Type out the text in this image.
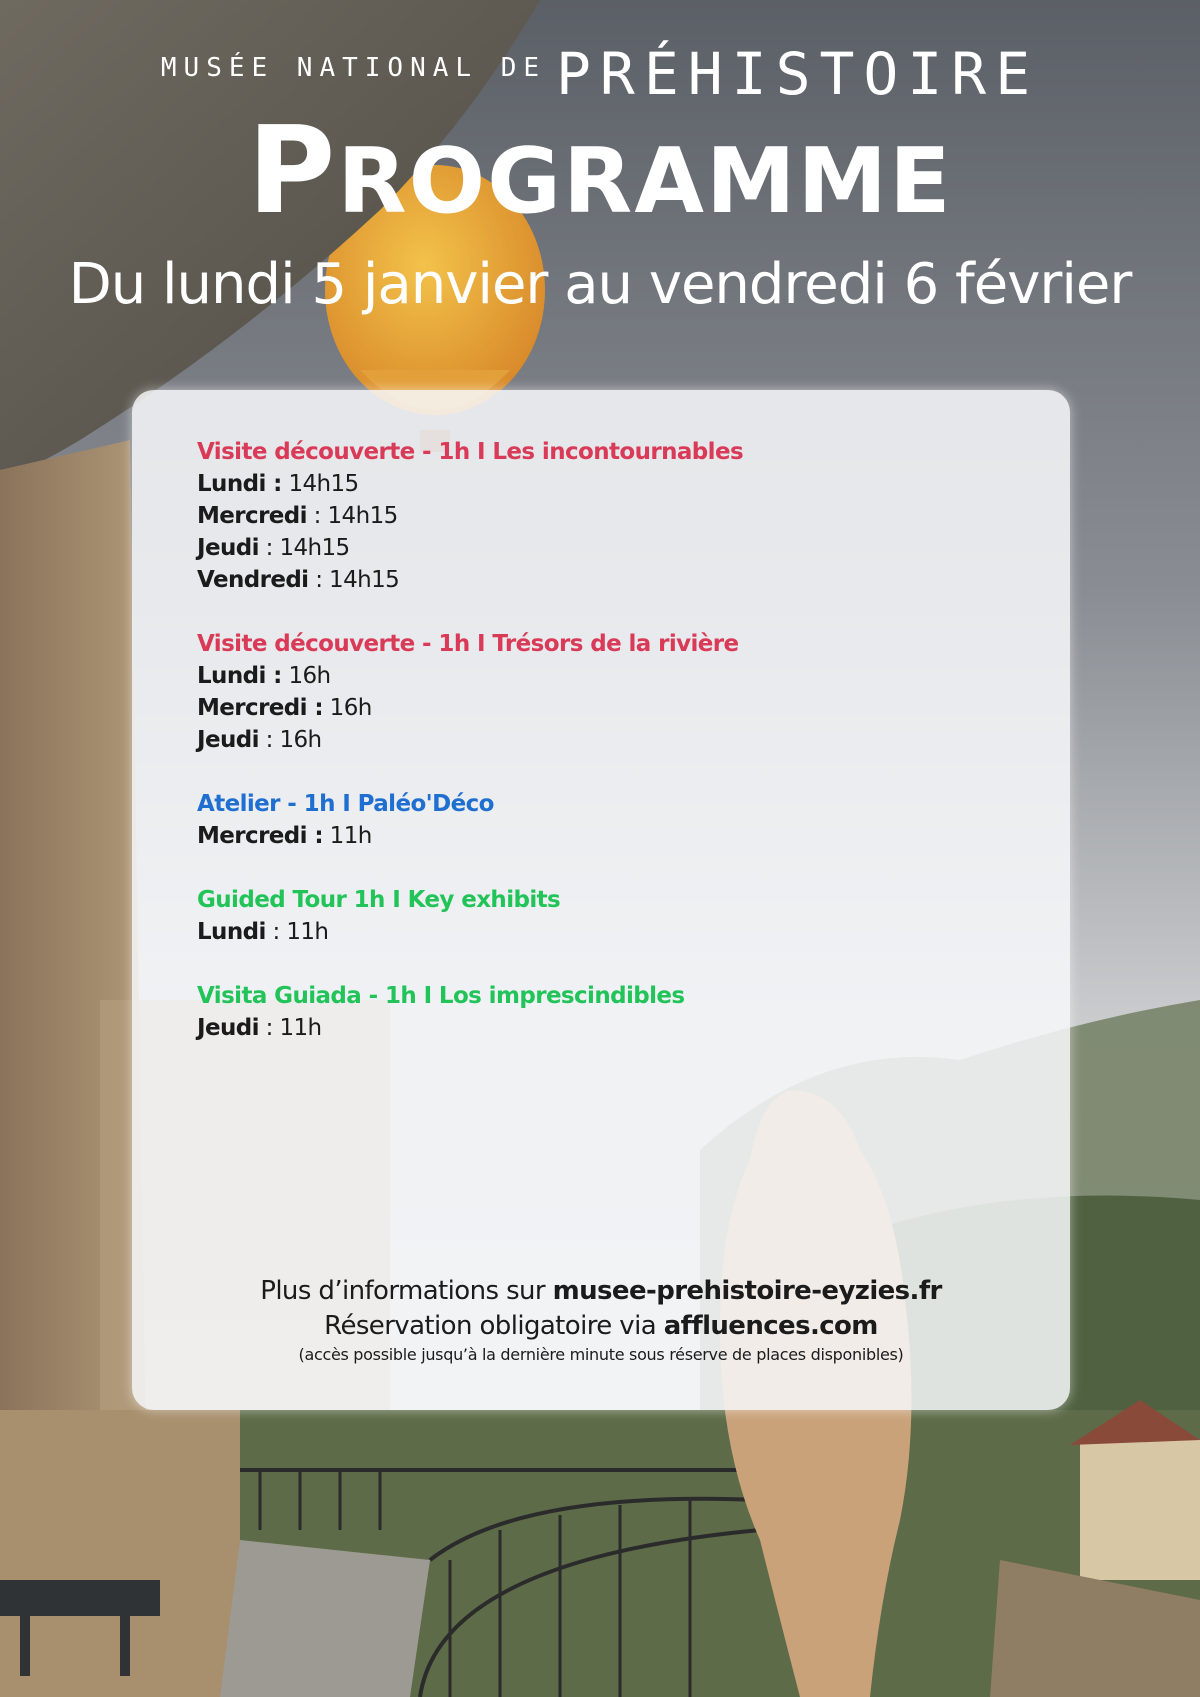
MUSÉE NATIONAL DE PRÉHISTOIRE
PROGRAMME
Du lundi 5 janvier au vendredi 6 février
Visite découverte - 1h I Les incontournables
Lundi : 14h15
Mercredi : 14h15
Jeudi : 14h15
Vendredi : 14h15
Visite découverte - 1h I Trésors de la rivière
Lundi : 16h
Mercredi : 16h
Jeudi : 16h
Atelier - 1h I Paléo'Déco
Mercredi : 11h
Guided Tour 1h I Key exhibits
Lundi : 11h
Visita Guiada - 1h I Los imprescindibles
Jeudi : 11h
Plus d’informations sur musee-prehistoire-eyzies.fr
Réservation obligatoire via affluences.com
(accès possible jusqu’à la dernière minute sous réserve de places disponibles)
